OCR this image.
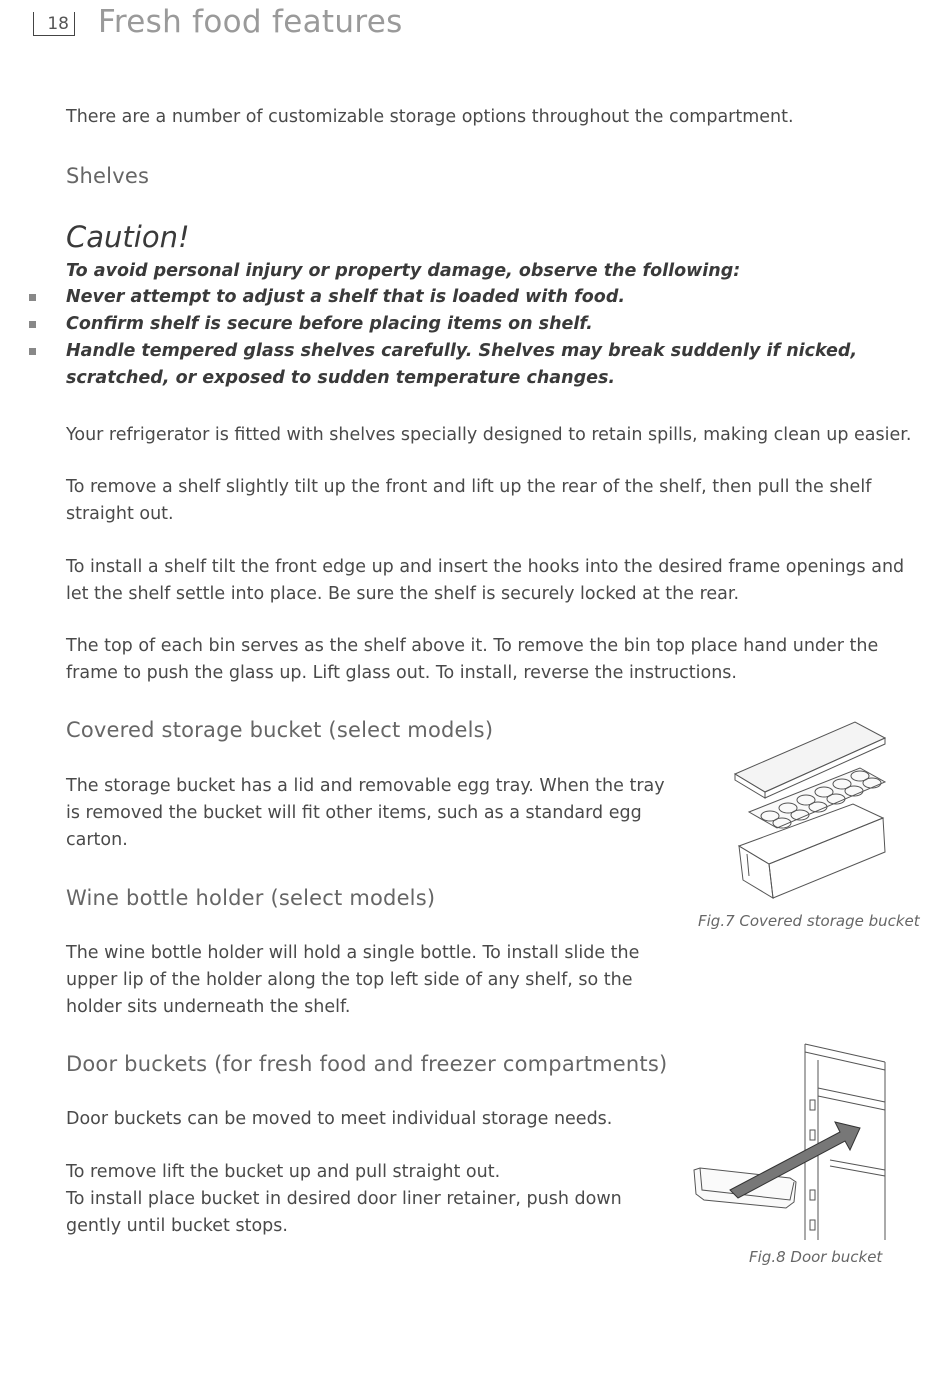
18 Fresh food features

There are a number of customizable storage options throughout the compartment.

Shelves
Caution!
To avoid personal injury or property damage, observe the following:
Never attempt to adjust a shelf that is loaded with food.
Confirm shelf is secure before placing items on shelf.
Handle tempered glass shelves carefully. Shelves may break suddenly if nicked, scratched, or exposed to sudden temperature changes.

Your refrigerator is fitted with shelves specially designed to retain spills, making clean up easier.

To remove a shelf slightly tilt up the front and lift up the rear of the shelf, then pull the shelf straight out.

To install a shelf tilt the front edge up and insert the hooks into the desired frame openings and let the shelf settle into place. Be sure the shelf is securely locked at the rear.

The top of each bin serves as the shelf above it. To remove the bin top place hand under the frame to push the glass up. Lift glass out. To install, reverse the instructions.

Covered storage bucket (select models)

The storage bucket has a lid and removable egg tray. When the tray is removed the bucket will fit other items, such as a standard egg carton.

Fig.7 Covered storage bucket
Wine bottle holder (select models)

The wine bottle holder will hold a single bottle. To install slide the upper lip of the holder along the top left side of any shelf, so the holder sits underneath the shelf.

Door buckets (for fresh food and freezer compartments)

Door buckets can be moved to meet individual storage needs.

To remove lift the bucket up and pull straight out.

To install place bucket in desired door liner retainer, push down gently until bucket stops.

Fig.8 Door bucket
